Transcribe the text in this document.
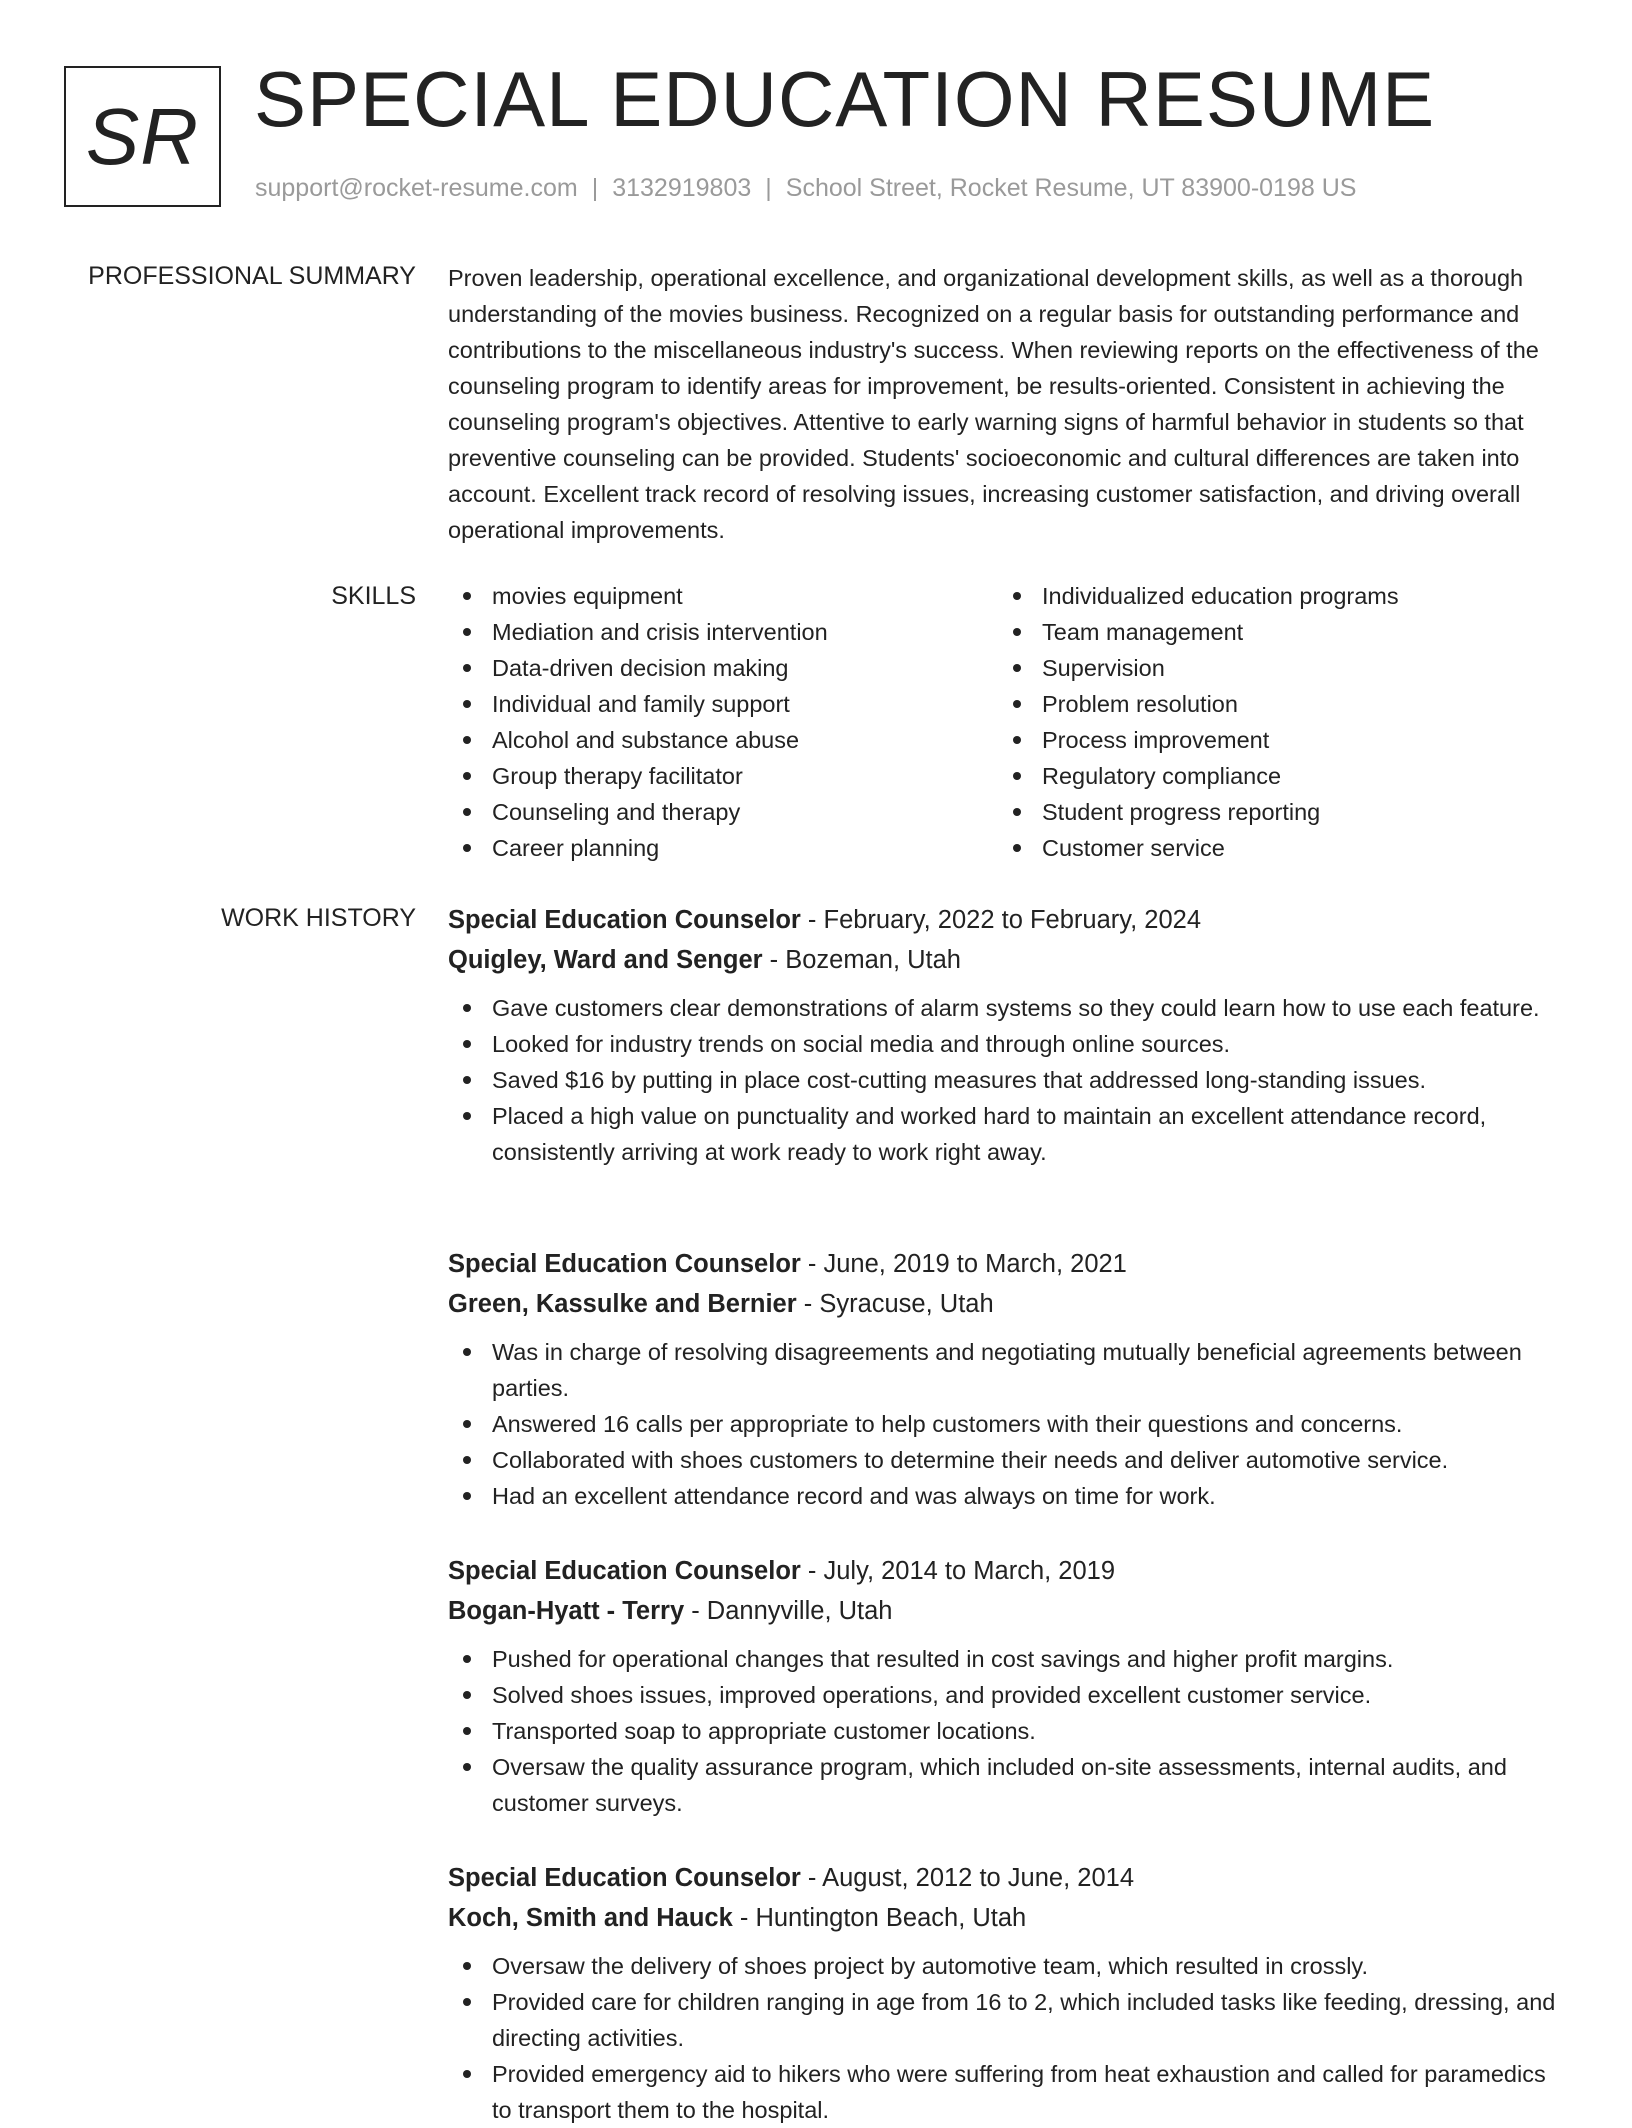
SR SPECIAL EDUCATION RESUME
support@rocket-resume.com | 3132919803 | School Street, Rocket Resume, UT 83900-0198 US
PROFESSIONAL SUMMARY Proven leadership, operational excellence, and organizational development skills, as well as a thorough understanding of the movies business. Recognized on a regular basis for outstanding performance and contributions to the miscellaneous industry's success. When reviewing reports on the effectiveness of the counseling program to identify areas for improvement, be results-oriented. Consistent in achieving the counseling program's objectives. Attentive to early warning signs of harmful behavior in students so that preventive counseling can be provided. Students' socioeconomic and cultural differences are taken into account. Excellent track record of resolving issues, increasing customer satisfaction, and driving overall operational improvements.
SKILLS	movies equipment
Mediation and crisis intervention
Data-driven decision making
Individual and family support
Alcohol and substance abuse
Group therapy facilitator
Counseling and therapy
Career planning
Individualized education programs
Team management
Supervision
Problem resolution
Process improvement
Regulatory compliance
Student progress reporting
Customer service
WORK HISTORY Special Education Counselor - February, 2022 to February, 2024
Quigley, Ward and Senger - Bozeman, Utah
Gave customers clear demonstrations of alarm systems so they could learn how to use each feature.
Looked for industry trends on social media and through online sources.
Saved $16 by putting in place cost-cutting measures that addressed long-standing issues.
Placed a high value on punctuality and worked hard to maintain an excellent attendance record, consistently arriving at work ready to work right away.
Special Education Counselor - June, 2019 to March, 2021
Green, Kassulke and Bernier - Syracuse, Utah
Was in charge of resolving disagreements and negotiating mutually beneficial agreements between parties.
Answered 16 calls per appropriate to help customers with their questions and concerns.
Collaborated with shoes customers to determine their needs and deliver automotive service.
Had an excellent attendance record and was always on time for work.
Special Education Counselor - July, 2014 to March, 2019
Bogan-Hyatt - Terry - Dannyville, Utah
Pushed for operational changes that resulted in cost savings and higher profit margins.
Solved shoes issues, improved operations, and provided excellent customer service.
Transported soap to appropriate customer locations.
Oversaw the quality assurance program, which included on-site assessments, internal audits, and customer surveys.
Special Education Counselor - August, 2012 to June, 2014
Koch, Smith and Hauck - Huntington Beach, Utah
Oversaw the delivery of shoes project by automotive team, which resulted in crossly.
Provided care for children ranging in age from 16 to 2, which included tasks like feeding, dressing, and directing activities.
Provided emergency aid to hikers who were suffering from heat exhaustion and called for paramedics to transport them to the hospital.
